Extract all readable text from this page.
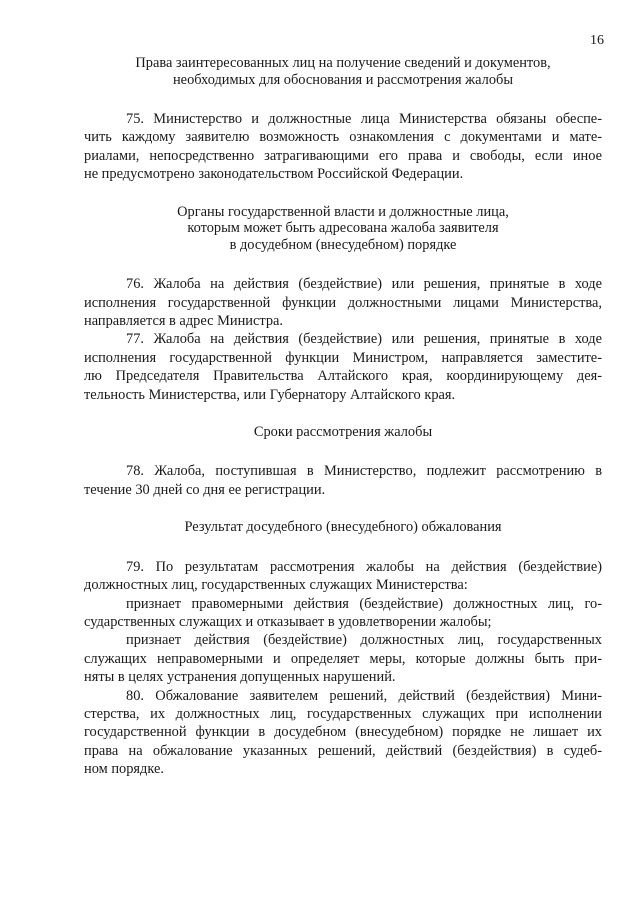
16
Права заинтересованных лиц на получение сведений и документов,
необходимых для обоснования и рассмотрения жалобы
75. Министерство и должностные лица Министерства обязаны обеспе-
чить каждому заявителю возможность ознакомления с документами и мате-
риалами, непосредственно затрагивающими его права и свободы, если иное
не предусмотрено законодательством Российской Федерации.
Органы государственной власти и должностные лица,
которым может быть адресована жалоба заявителя
в досудебном (внесудебном) порядке
76. Жалоба на действия (бездействие) или решения, принятые в ходе
исполнения государственной функции должностными лицами Министерства,
направляется в адрес Министра.
77. Жалоба на действия (бездействие) или решения, принятые в ходе
исполнения государственной функции Министром, направляется заместите-
лю Председателя Правительства Алтайского края, координирующему дея-
тельность Министерства, или Губернатору Алтайского края.
Сроки рассмотрения жалобы
78. Жалоба, поступившая в Министерство, подлежит рассмотрению в
течение 30 дней со дня ее регистрации.
Результат досудебного (внесудебного) обжалования
79. По результатам рассмотрения жалобы на действия (бездействие)
должностных лиц, государственных служащих Министерства:
признает правомерными действия (бездействие) должностных лиц, го-
сударственных служащих и отказывает в удовлетворении жалобы;
признает действия (бездействие) должностных лиц, государственных
служащих неправомерными и определяет меры, которые должны быть при-
няты в целях устранения допущенных нарушений.
80. Обжалование заявителем решений, действий (бездействия) Мини-
стерства, их должностных лиц, государственных служащих при исполнении
государственной функции в досудебном (внесудебном) порядке не лишает их
права на обжалование указанных решений, действий (бездействия) в судеб-
ном порядке.
